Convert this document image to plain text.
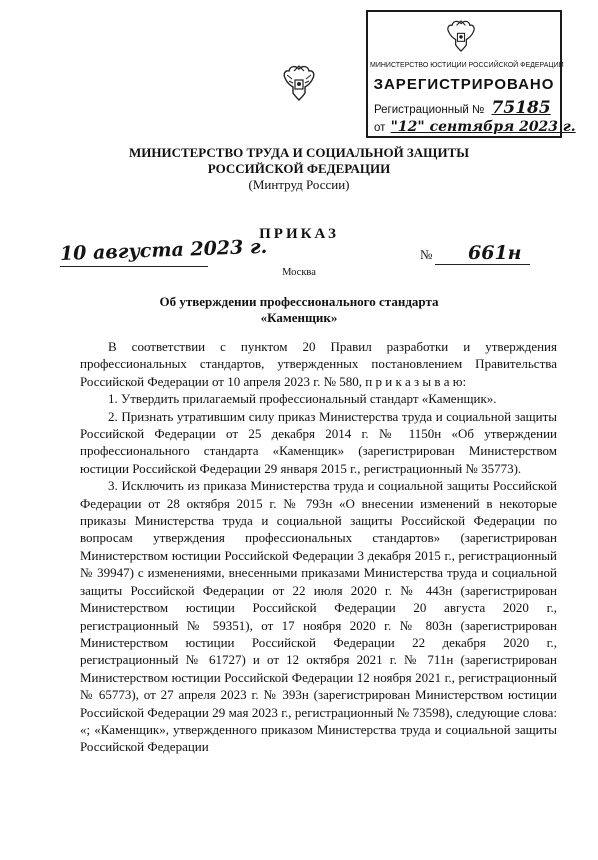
МИНИСТЕРСТВО ЮСТИЦИИ РОССИЙСКОЙ ФЕДЕРАЦИИ
ЗАРЕГИСТРИРОВАНО
Регистрационный № 75185
от "12" сентября 2023 г.
МИНИСТЕРСТВО ТРУДА И СОЦИАЛЬНОЙ ЗАЩИТЫ
РОССИЙСКОЙ ФЕДЕРАЦИИ
(Минтруд России)
ПРИКАЗ
10 августа 2023 г.	№ 661н
Москва
Об утверждении профессионального стандарта
«Каменщик»

В соответствии с пунктом 20 Правил разработки и утверждения профессиональных стандартов, утвержденных постановлением Правительства Российской Федерации от 10 апреля 2023 г. № 580, п р и к а з ы в а ю:

1. Утвердить прилагаемый профессиональный стандарт «Каменщик».

2. Признать утратившим силу приказ Министерства труда и социальной защиты Российской Федерации от 25 декабря 2014 г. № 1150н «Об утверждении профессионального стандарта «Каменщик» (зарегистрирован Министерством юстиции Российской Федерации 29 января 2015 г., регистрационный № 35773).

3. Исключить из приказа Министерства труда и социальной защиты Российской Федерации от 28 октября 2015 г. № 793н «О внесении изменений в некоторые приказы Министерства труда и социальной защиты Российской Федерации по вопросам утверждения профессиональных стандартов» (зарегистрирован Министерством юстиции Российской Федерации 3 декабря 2015 г., регистрационный № 39947) с изменениями, внесенными приказами Министерства труда и социальной защиты Российской Федерации от 22 июля 2020 г. № 443н (зарегистрирован Министерством юстиции Российской Федерации 20 августа 2020 г., регистрационный № 59351), от 17 ноября 2020 г. № 803н (зарегистрирован Министерством юстиции Российской Федерации 22 декабря 2020 г., регистрационный № 61727) и от 12 октября 2021 г. № 711н (зарегистрирован Министерством юстиции Российской Федерации 12 ноября 2021 г., регистрационный № 65773), от 27 апреля 2023 г. № 393н (зарегистрирован Министерством юстиции Российской Федерации 29 мая 2023 г., регистрационный № 73598), следующие слова: «; «Каменщик», утвержденного приказом Министерства труда и социальной защиты Российской Федерации
